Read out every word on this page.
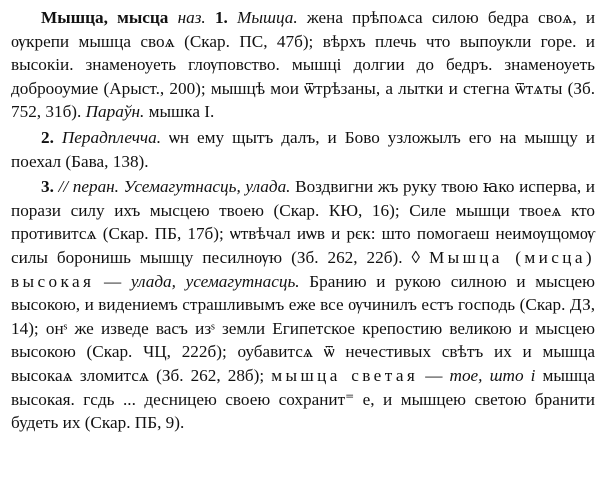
Мышца, мысца наз. 1. Мышца. жена прѣпоѧса силою бедра своѧ, и ѹкрепи мышца своѧ (Скар. ПС, 47б); вѣрхъ плечь что выпоукли горе. и высокіи. знаменоуеть глѹповство. мышці долгии до бедръ. знаменоуеть доброоумие (Арыст., 200); мышцѣ мои ѿтрѣзаны, а лытки и стегна ѿтѧты (Зб. 752, 31б). Параўн. мышка I.

2. Перадплечча. ѡн ему щытъ далъ, и Бово узложылъ его на мышцу и поехал (Бава, 138).

3. // перан. Усемагутнасць, улада. Воздвигни жъ руку твою ꙗко исперва, и порази силу ихъ мысцею твоею (Скар. КЮ, 16); Силе мышци твоеѧ кто противитсѧ (Скар. ПБ, 17б); ѡтвѣчал иѡв и рєк: што помогаеш неимѹщомѹ силы боронишь мышцу песилнѹю (Зб. 262, 22б). ◊ Мышца (мисца) высокая — улада, усемагутнасць. Бранию и рукою силною и мысцею высокою, и видениемъ страшливымъ еже все ѹчинилъ естъ господь (Скар. ДЗ, 14); онˢ же изведе васъ изˢ земли Египетское крепостию великою и мысцею высокою (Скар. ЧЦ, 222б); оубавитсѧ ѿ нечестивых свѣтъ их и мышца высокаѧ зломитсѧ (Зб. 262, 28б); мышца светая — тое, што і мышца высокая. гсдь ... десницею своею сохранит⁼ е, и мышцею светою бранити будеть их (Скар. ПБ, 9).
